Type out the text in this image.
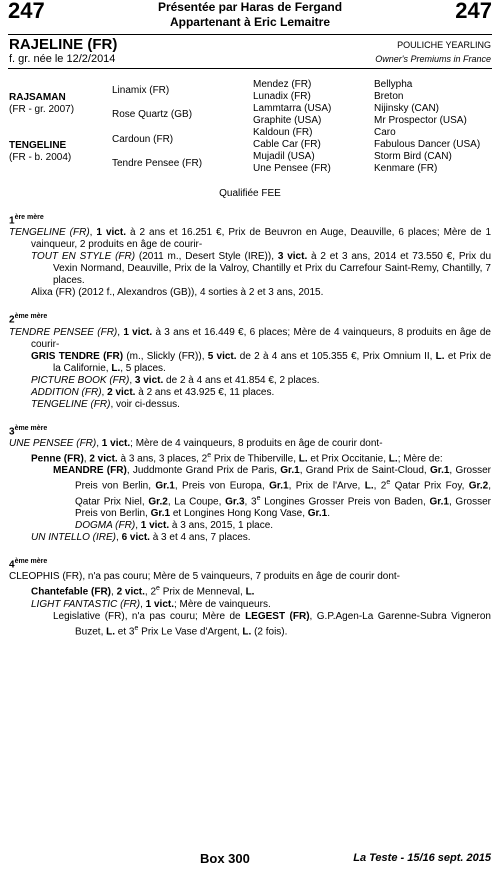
247	247
Présentée par Haras de Fergand
Appartenant à Eric Lemaitre
RAJELINE (FR)
f. gr. née le 12/2/2014
POULICHE YEARLING
Owner's Premiums in France
RAJSAMAN
(FR - gr. 2007)
TENGELINE
(FR - b. 2004)
Linamix (FR)
Rose Quartz (GB)
Cardoun (FR)
Tendre Pensee (FR)
Mendez (FR)
Lunadix (FR)
Lammtarra (USA)
Graphite (USA)
Kaldoun (FR)
Cable Car (FR)
Mujadil (USA)
Une Pensee (FR)
Bellypha
Breton
Nijinsky (CAN)
Mr Prospector (USA)
Caro
Fabulous Dancer (USA)
Storm Bird (CAN)
Kenmare (FR)
Qualifiée FEE
$1^{ère mère}$

TENGELINE (FR), 1 vict. à 2 ans et 16.251 €, Prix de Beuvron en Auge, Deauville, 6 places; Mère de 1 vainqueur, 2 produits en âge de courir-

TOUT EN STYLE (FR) (2011 m., Desert Style (IRE)), 3 vict. à 2 et 3 ans, 2014 et 73.550 €, Prix du Vexin Normand, Deauville, Prix de la Valroy, Chantilly et Prix du Carrefour Saint-Remy, Chantilly, 7 places.

Alixa (FR) (2012 f., Alexandros (GB)), 4 sorties à 2 et 3 ans, 2015.

$2^{ème mère}$

TENDRE PENSEE (FR), 1 vict. à 3 ans et 16.449 €, 6 places; Mère de 4 vainqueurs, 8 produits en âge de courir-

GRIS TENDRE (FR) (m., Slickly (FR)), 5 vict. de 2 à 4 ans et 105.355 €, Prix Omnium II, L. et Prix de la Californie, L., 5 places.

PICTURE BOOK (FR), 3 vict. de 2 à 4 ans et 41.854 €, 2 places.

ADDITION (FR), 2 vict. à 2 ans et 43.925 €, 11 places.

TENGELINE (FR), voir ci-dessus.

$3^{ème mère}$

UNE PENSEE (FR), 1 vict.; Mère de 4 vainqueurs, 8 produits en âge de courir dont-

Penne (FR), 2 vict. à 3 ans, 3 places, 2e Prix de Thiberville, L. et Prix Occitanie, L.; Mère de:

MEANDRE (FR), Juddmonte Grand Prix de Paris, Gr.1, Grand Prix de Saint-Cloud, Gr.1, Grosser Preis von Berlin, Gr.1, Preis von Europa, Gr.1, Prix de l'Arve, L., 2e Qatar Prix Foy, Gr.2, Qatar Prix Niel, Gr.2, La Coupe, Gr.3, 3e Longines Grosser Preis von Baden, Gr.1, Grosser Preis von Berlin, Gr.1 et Longines Hong Kong Vase, Gr.1.

DOGMA (FR), 1 vict. à 3 ans, 2015, 1 place.

UN INTELLO (IRE), 6 vict. à 3 et 4 ans, 7 places.

$4^{ème mère}$

CLEOPHIS (FR), n'a pas couru; Mère de 5 vainqueurs, 7 produits en âge de courir dont-

Chantefable (FR), 2 vict., 2e Prix de Menneval, L.

LIGHT FANTASTIC (FR), 1 vict.; Mère de vainqueurs.

Legislative (FR), n'a pas couru; Mère de LEGEST (FR), G.P.Agen-La Garenne-Subra Vigneron Buzet, L. et 3e Prix Le Vase d'Argent, L. (2 fois).

Box 300	La Teste - 15/16 sept. 2015
